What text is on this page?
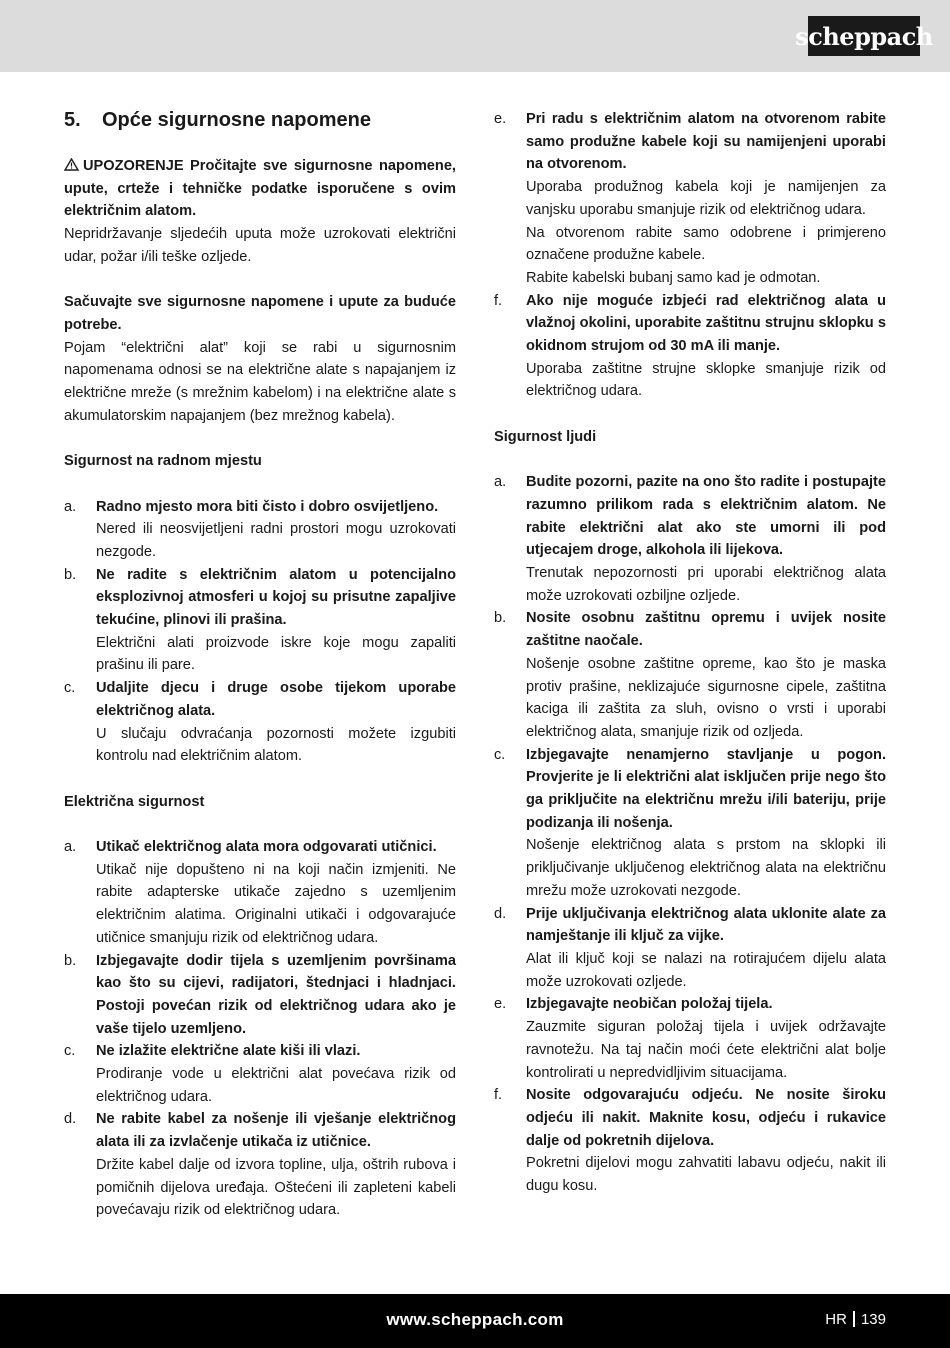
scheppach
5.	Opće sigurnosne napomene

UPOZORENJE Pročitajte sve sigurnosne napomene, upute, crteže i tehničke podatke isporučene s ovim električnim alatom.

Nepridržavanje sljedećih uputa može uzrokovati električni udar, požar i/ili teške ozljede.

Sačuvajte sve sigurnosne napomene i upute za buduće potrebe.

Pojam “električni alat” koji se rabi u sigurnosnim napomenama odnosi se na električne alate s napajanjem iz električne mreže (s mrežnim kabelom) i na električne alate s akumulatorskim napajanjem (bez mrežnog kabela).

Sigurnost na radnom mjestu

a. Radno mjesto mora biti čisto i dobro osvijetljeno.
Nered ili neosvijetljeni radni prostori mogu uzrokovati nezgode.
b. Ne radite s električnim alatom u potencijalno eksplozivnoj atmosferi u kojoj su prisutne zapaljive tekućine, plinovi ili prašina.
Električni alati proizvode iskre koje mogu zapaliti prašinu ili pare.
c. Udaljite djecu i druge osobe tijekom uporabe električnog alata.
U slučaju odvraćanja pozornosti možete izgubiti kontrolu nad električnim alatom.

Električna sigurnost

a. Utikač električnog alata mora odgovarati utičnici.
Utikač nije dopušteno ni na koji način izmjeniti. Ne rabite adapterske utikače zajedno s uzemljenim električnim alatima. Originalni utikači i odgovarajuće utičnice smanjuju rizik od električnog udara.
b. Izbjegavajte dodir tijela s uzemljenim površinama kao što su cijevi, radijatori, štednjaci i hladnjaci. Postoji povećan rizik od električnog udara ako je vaše tijelo uzemljeno.
c. Ne izlažite električne alate kiši ili vlazi.
Prodiranje vode u električni alat povećava rizik od električnog udara.
d. Ne rabite kabel za nošenje ili vješanje električnog alata ili za izvlačenje utikača iz utičnice.
Držite kabel dalje od izvora topline, ulja, oštrih rubova i pomičnih dijelova uređaja. Oštećeni ili zapleteni kabeli povećavaju rizik od električnog udara.
e. Pri radu s električnim alatom na otvorenom rabite samo produžne kabele koji su namijenjeni uporabi na otvorenom.
Uporaba produžnog kabela koji je namijenjen za vanjsku uporabu smanjuje rizik od električnog udara.
Na otvorenom rabite samo odobrene i primjereno označene produžne kabele.
Rabite kabelski bubanj samo kad je odmotan.
f. Ako nije moguće izbjeći rad električnog alata u vlažnoj okolini, uporabite zaštitnu strujnu sklopku s okidnom strujom od 30 mA ili manje.
Uporaba zaštitne strujne sklopke smanjuje rizik od električnog udara.

Sigurnost ljudi

a. Budite pozorni, pazite na ono što radite i postupajte razumno prilikom rada s električnim alatom. Ne rabite električni alat ako ste umorni ili pod utjecajem droge, alkohola ili lijekova.
Trenutak nepozornosti pri uporabi električnog alata može uzrokovati ozbiljne ozljede.
b. Nosite osobnu zaštitnu opremu i uvijek nosite zaštitne naočale.
Nošenje osobne zaštitne opreme, kao što je maska protiv prašine, neklizajuće sigurnosne cipele, zaštitna kaciga ili zaštita za sluh, ovisno o vrsti i uporabi električnog alata, smanjuje rizik od ozljeda.
c. Izbjegavajte nenamjerno stavljanje u pogon. Provjerite je li električni alat isključen prije nego što ga priključite na električnu mrežu i/ili bateriju, prije podizanja ili nošenja.
Nošenje električnog alata s prstom na sklopki ili priključivanje uključenog električnog alata na električnu mrežu može uzrokovati nezgode.
d. Prije uključivanja električnog alata uklonite alate za namještanje ili ključ za vijke.
Alat ili ključ koji se nalazi na rotirajućem dijelu alata može uzrokovati ozljede.
e. Izbjegavajte neobičan položaj tijela.
Zauzmite siguran položaj tijela i uvijek održavajte ravnotežu. Na taj način moći ćete električni alat bolje kontrolirati u nepredvidljivim situacijama.
f. Nosite odgovarajuću odjeću. Ne nosite široku odjeću ili nakit. Maknite kosu, odjeću i rukavice dalje od pokretnih dijelova.
Pokretni dijelovi mogu zahvatiti labavu odjeću, nakit ili dugu kosu.
www.scheppach.com	HR 139
